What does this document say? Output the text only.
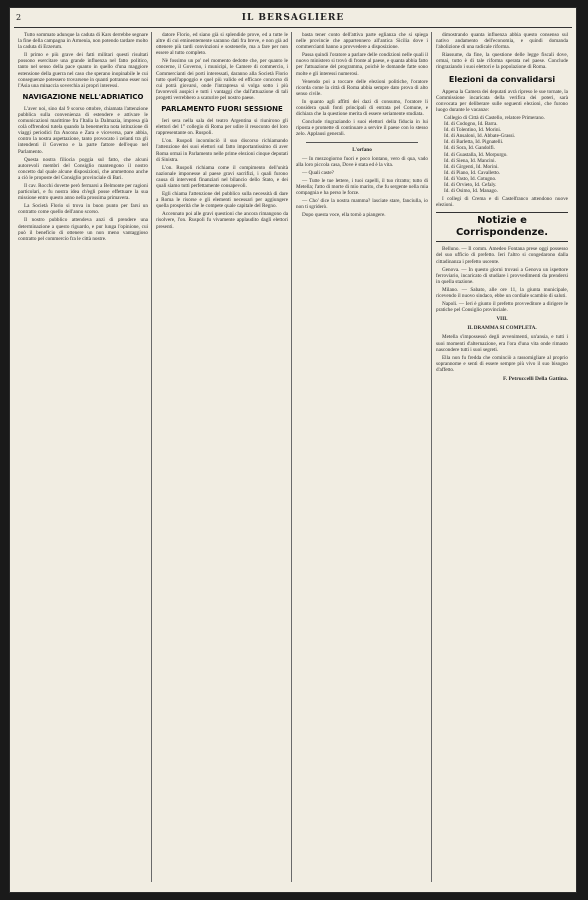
2	IL BERSAGLIERE

Tutto sommato adunque la caduta di Kars derrebbe segnare la fine della campagna in Armenia, non potendo tardare molto la caduta di Erzerum.

Il primo e più grave dei fatti militari questi risultati possono esercitare una grande influenza nel fatto politico, tanto nel senso della pace quanto in quello d'una maggiore estensione della guerra nel caso che sperano inopinabile le cui conseguenze potessero trovarsene in quanti potranno esser noi l'Asia una minaccia soverchia ai propri interessi.

NAVIGAZIONE NELL'ADRIATICO

L'aver noi, sino dal 9 scorso ottobre, chiamata l'attenzione pubblica sulla convenienza di estendere e attivare le comunicazioni marittime fra l'Italia la Dalmazia, impresa già colà offrendosi tutela quando la benemerita nota istituzione di viaggi periodici fra Ancona e Zara e viceversa, pare abbia, contro la nostra aspettazione, tanto provocato i zelanti tra gli intendenti il Governo e la parte fattore dell'equo nel Parlamento.

Questa nostra filiocia poggia sul fatto, che alcuni autorevoli membri del Consiglio mantengono il nostro concetto dal quale alcune disposizioni, che ammettono anche a ciò le proposte del Consiglio provinciale di Bari.

Il cav. Rocchi dovette però fermarsi a Belmonte per ragioni particolari, e fu nostra idea ch'egli posse effettuare la sua missione entro questo anno nella prossima primavera.

La Società Florio si trova in buon punto per farsi un contratto come quello dell'anno scorso.

Il nostro pubblico attendeva anzi di prendere una determinazione a questo riguardo, e pur lunga l'opinione, cui può il beneficio di ottenere un non meno vantaggioso contratto pel commercio fra le città nostre.

datore Florio, ed siano già si splendide prove, ed a tutte le altre di cui eminentemente saranno dati fra breve, e non già ad ottenere più tardi convinzioni e sostenerle, ma a fare per non essere al tutto completo.

Nè fossimo un po' nel momento dedotte che, per quanto le concerne, il Governo, i municipi, le Camere di commercio, i Commercianti dei porti interessati, daranno alla Società Florio tutto quell'appoggio e quel più valido ed efficace concorso di cui potrà giovarsi, onde l'intrapresa si volga sotto i più favorevoli auspici e tutti i vantaggi che dall'attuazione di tali progetti verrebbero a scaturire pel nostro paese.

PARLAMENTO FUORI SESSIONE

Ieri sera nella sala del teatro Argentina si riunirono gli elettori del 1° collegio di Roma per udire il resoconto del loro rappresentante on. Ruspoli.

L'on. Ruspoli incominciò il suo discorso richiamando l'attenzione dei suoi elettori sul fatto importantissimo di aver Roma ormai in Parlamento nelle prime elezioni cinque deputati di Sinistra.

L'on. Ruspoli richiama come il compimento dell'unità nazionale imponesse al paese gravi sacrifizi, i quali furono causa di interventi finanziari nel bilancio dello Stato, e dei quali siamo tutti perfettamente consapevoli.

Egli chiama l'attenzione del pubblico sulla necessità di dare a Roma le risorse e gli elementi necessari per aggiungere quella prosperità che le compete quale capitale del Regno.

Accennato poi alle gravi questioni che ancora rimangono da risolvere, l'on. Ruspoli fu vivamente applaudito dagli elettori presenti.

basta tener conto dell'attiva parte eglianza che si spiega nelle provincie che appartennero all'antica Sicilia dove i commercianti hanno a provvedere a disposizione.

Passa quindi l'oratore a parlare delle condizioni nelle quali il nuovo ministero si trovò di fronte al paese, e quanta abbia fatto per l'attuazione del programma, poichè le domande fatte sono molte e gli interessi numerosi.

Venendo poi a toccare delle elezioni politiche, l'oratore ricorda come la città di Roma abbia sempre dato prova di alto senso civile.

In quanto agli affitti dei dazi di consumo, l'oratore li considera quali fonti principali di entrata pel Comune, e dichiara che la questione merita di essere seriamente studiata.

Conclude ringraziando i suoi elettori della fiducia in lui riposta e promette di continuare a servire il paese con lo stesso zelo. Applausi generali.

L'orfano

— In mezzogiorno fuori e poco lontano, vero di qua, vado alla loro piccola casa, Dove è stata ed è la vita.

— Quali caste?

— Tutte le tue lettere, i tuoi capelli, il tuo ritratto; tutto di Metella; l'atto di morte di mio marito, che fu sergente nella mia compagnia e ha perso le forze.

— Cho' dice la nostra mamma? lasciate stare, fanciulla, io non ti sgriderò.

Dopo questa voce, ella tornò a piangere.

dimostrando quanta influenza abbia questo consenso sul nativo andamento dell'economia, e quindi domanda l'abolizione di una radicale riforma.

Riassume, da fine, la questione delle legge fiscali dove, ormai, tutto è di tale riforma sperata nel paese. Conclude ringraziando i suoi elettori e la popolazione di Roma.

Elezioni da convalidarsi

Appena la Camera dei deputati avrà ripreso le sue tornate, la Commissione incaricata della verifica dei poteri, sarà convocata per deliberare sulle seguenti elezioni, che furono luogo durante le vacanze:

Collegio di Città di Castello, relatore Primerano.
Id. di Codogno, Id. Barra.
Id. di Tolentino, Id. Morini.
Id. di Ansaloni, Id. Abbate-Grassi.
Id. di Barletta, Id. Pignatelli.
Id. di Sora, Id. Gandolfi.
Id. di Guastalla, Id. Morpurgo.
Id. di Siena, Id. Mancini.
Id. di Girgenti, Id. Morini.
Id. di Piano, Id. Cavalletto.
Id. di Vasto, Id. Cotugno.
Id. di Orvieto, Id. Cefaly.
Id. di Osimo, Id. Manago.

I collegi di Crema e di Castelfranco attendono nuove elezioni.

Notizie e Corrispondenze.

Belluno. — Il comm. Amedeo Fontana prese oggi possesso del suo ufficio di prefetto. Ieri l'altro si congedarono dalla cittadinanza i prefetto uscente.

Genova. — In questo giorni trovasi a Genova un ispettore ferroviario, incaricato di studiare i provvedimenti da prendersi in quella stazione.

Milano. — Sabato, alle ore 11, la giunta municipale, ricevendo il nuovo sindaco, ebbe un cordiale scambio di saluti.

Napoli. — Ieri è giunto il prefetto provveditore a dirigere le pratiche pel Consiglio provinciale.

VIII.
IL DRAMMA SI COMPLETA.

Metella s'impossessò degli avvenimenti, un'ansia, e tutti i suoi momenti d'alternazione, era l'ora d'una vita onde rimasto nascondere tutti i suoi segreti.

Ella non fu fredda che cominciò a rassomigliare al proprio soprannome e sentì di essere sempre più vivo il suo bisogno d'affetto.

F. Petruccelli Della Gattina.
